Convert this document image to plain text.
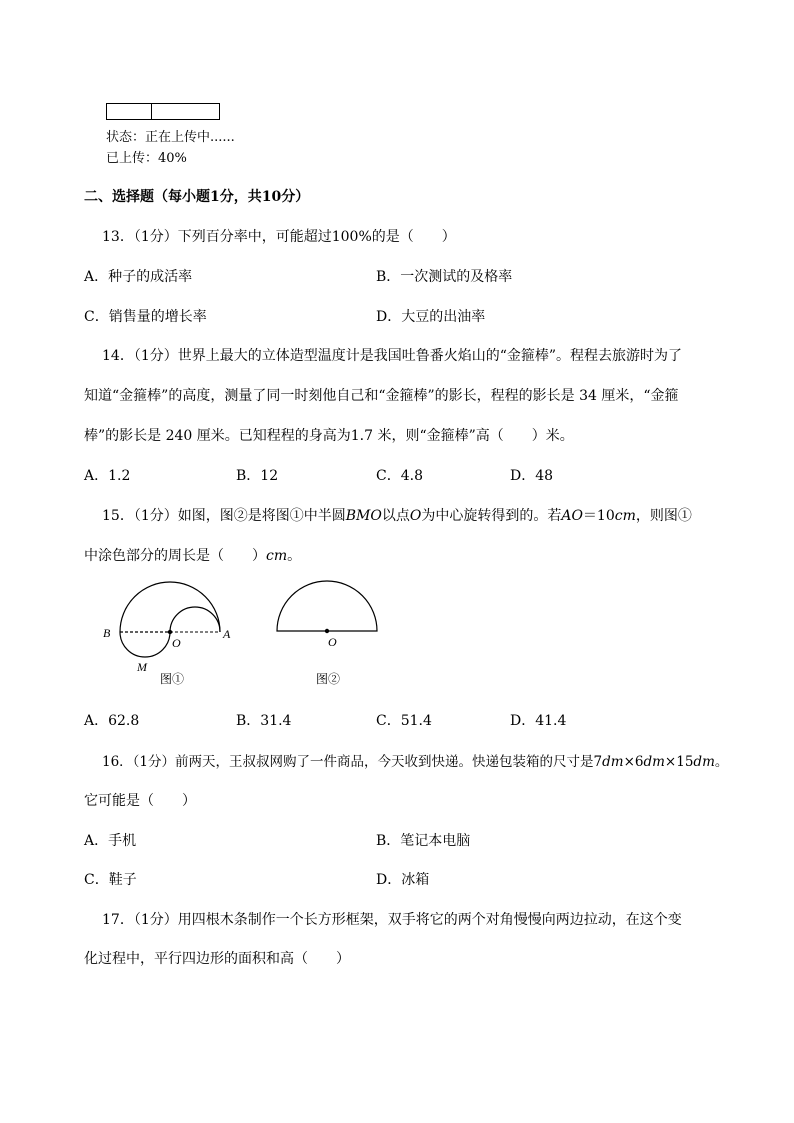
状态：正在上传中......
已上传：40%
二、选择题（每小题1分，共10分）
13．（1分）下列百分率中，可能超过100%的是（　　）
A．种子的成活率	B．一次测试的及格率
C．销售量的增长率	D．大豆的出油率
14．（1分）世界上最大的立体造型温度计是我国吐鲁番火焰山的“金箍棒”。程程去旅游时为了
知道“金箍棒”的高度，测量了同一时刻他自己和“金箍棒”的影长，程程的影长是 34 厘米，“金箍
棒”的影长是 240 厘米。已知程程的身高为1.7 米，则“金箍棒”高（　　）米。
A．1.2	B．12	C．4.8	D．48
15．（1分）如图，图②是将图①中半圆BMO以点O为中心旋转得到的。若AO＝10cm，则图①
中涂色部分的周长是（　　）cm。
B
O
A
M
图①
O
图②
A．62.8	B．31.4	C．51.4	D．41.4
16．（1分）前两天，王叔叔网购了一件商品，今天收到快递。快递包装箱的尺寸是7dm×6dm×15dm。
它可能是（　　）
A．手机	B．笔记本电脑
C．鞋子	D．冰箱
17．（1分）用四根木条制作一个长方形框架，双手将它的两个对角慢慢向两边拉动，在这个变
化过程中，平行四边形的面积和高（　　）
